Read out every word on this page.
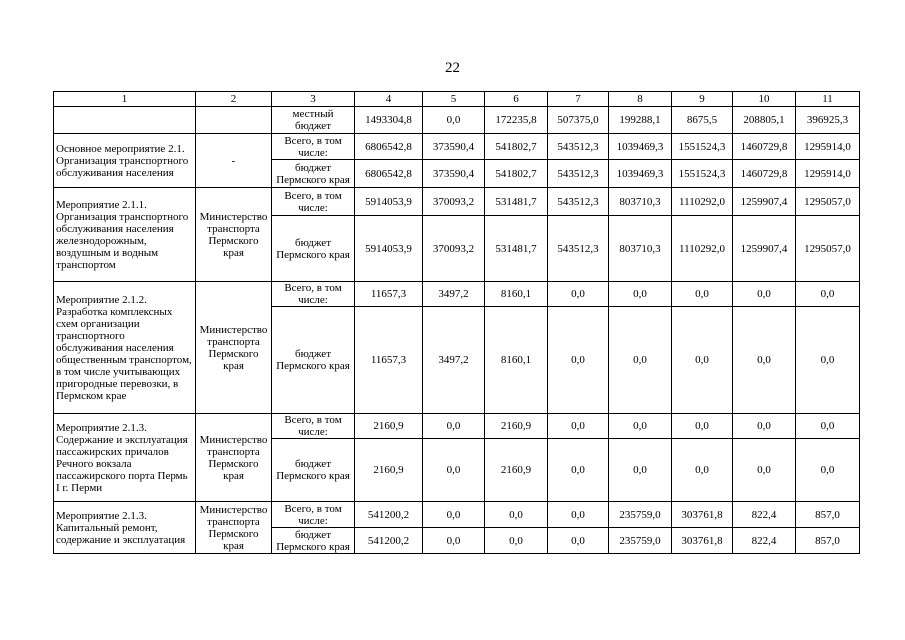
22
1	2	3	4	5	6	7	8	9	10	11
		местный бюджет	1493304,8	0,0	172235,8	507375,0	199288,1	8675,5	208805,1	396925,3
Основное мероприятие 2.1. Организация транспортного обслуживания населения	-	Всего, в том числе:	6806542,8	373590,4	541802,7	543512,3	1039469,3	1551524,3	1460729,8	1295914,0
		бюджет Пермского края	6806542,8	373590,4	541802,7	543512,3	1039469,3	1551524,3	1460729,8	1295914,0
Мероприятие 2.1.1. Организация транспортного обслуживания населения железнодорожным, воздушным и водным транспортом	Министерство транспорта Пермского края	Всего, в том числе:	5914053,9	370093,2	531481,7	543512,3	803710,3	1110292,0	1259907,4	1295057,0
		бюджет Пермского края	5914053,9	370093,2	531481,7	543512,3	803710,3	1110292,0	1259907,4	1295057,0
Мероприятие 2.1.2. Разработка комплексных схем организации транспортного обслуживания населения общественным транспортом, в том числе учитывающих пригородные перевозки, в Пермском крае	Министерство транспорта Пермского края	Всего, в том числе:	11657,3	3497,2	8160,1	0,0	0,0	0,0	0,0	0,0
		бюджет Пермского края	11657,3	3497,2	8160,1	0,0	0,0	0,0	0,0	0,0
Мероприятие 2.1.3. Содержание и эксплуатация пассажирских причалов Речного вокзала пассажирского порта Пермь I г. Перми	Министерство транспорта Пермского края	Всего, в том числе:	2160,9	0,0	2160,9	0,0	0,0	0,0	0,0	0,0
		бюджет Пермского края	2160,9	0,0	2160,9	0,0	0,0	0,0	0,0	0,0
Мероприятие 2.1.3. Капитальный ремонт, содержание и эксплуатация	Министерство транспорта Пермского края	Всего, в том числе:	541200,2	0,0	0,0	0,0	235759,0	303761,8	822,4	857,0
		бюджет Пермского края	541200,2	0,0	0,0	0,0	235759,0	303761,8	822,4	857,0
